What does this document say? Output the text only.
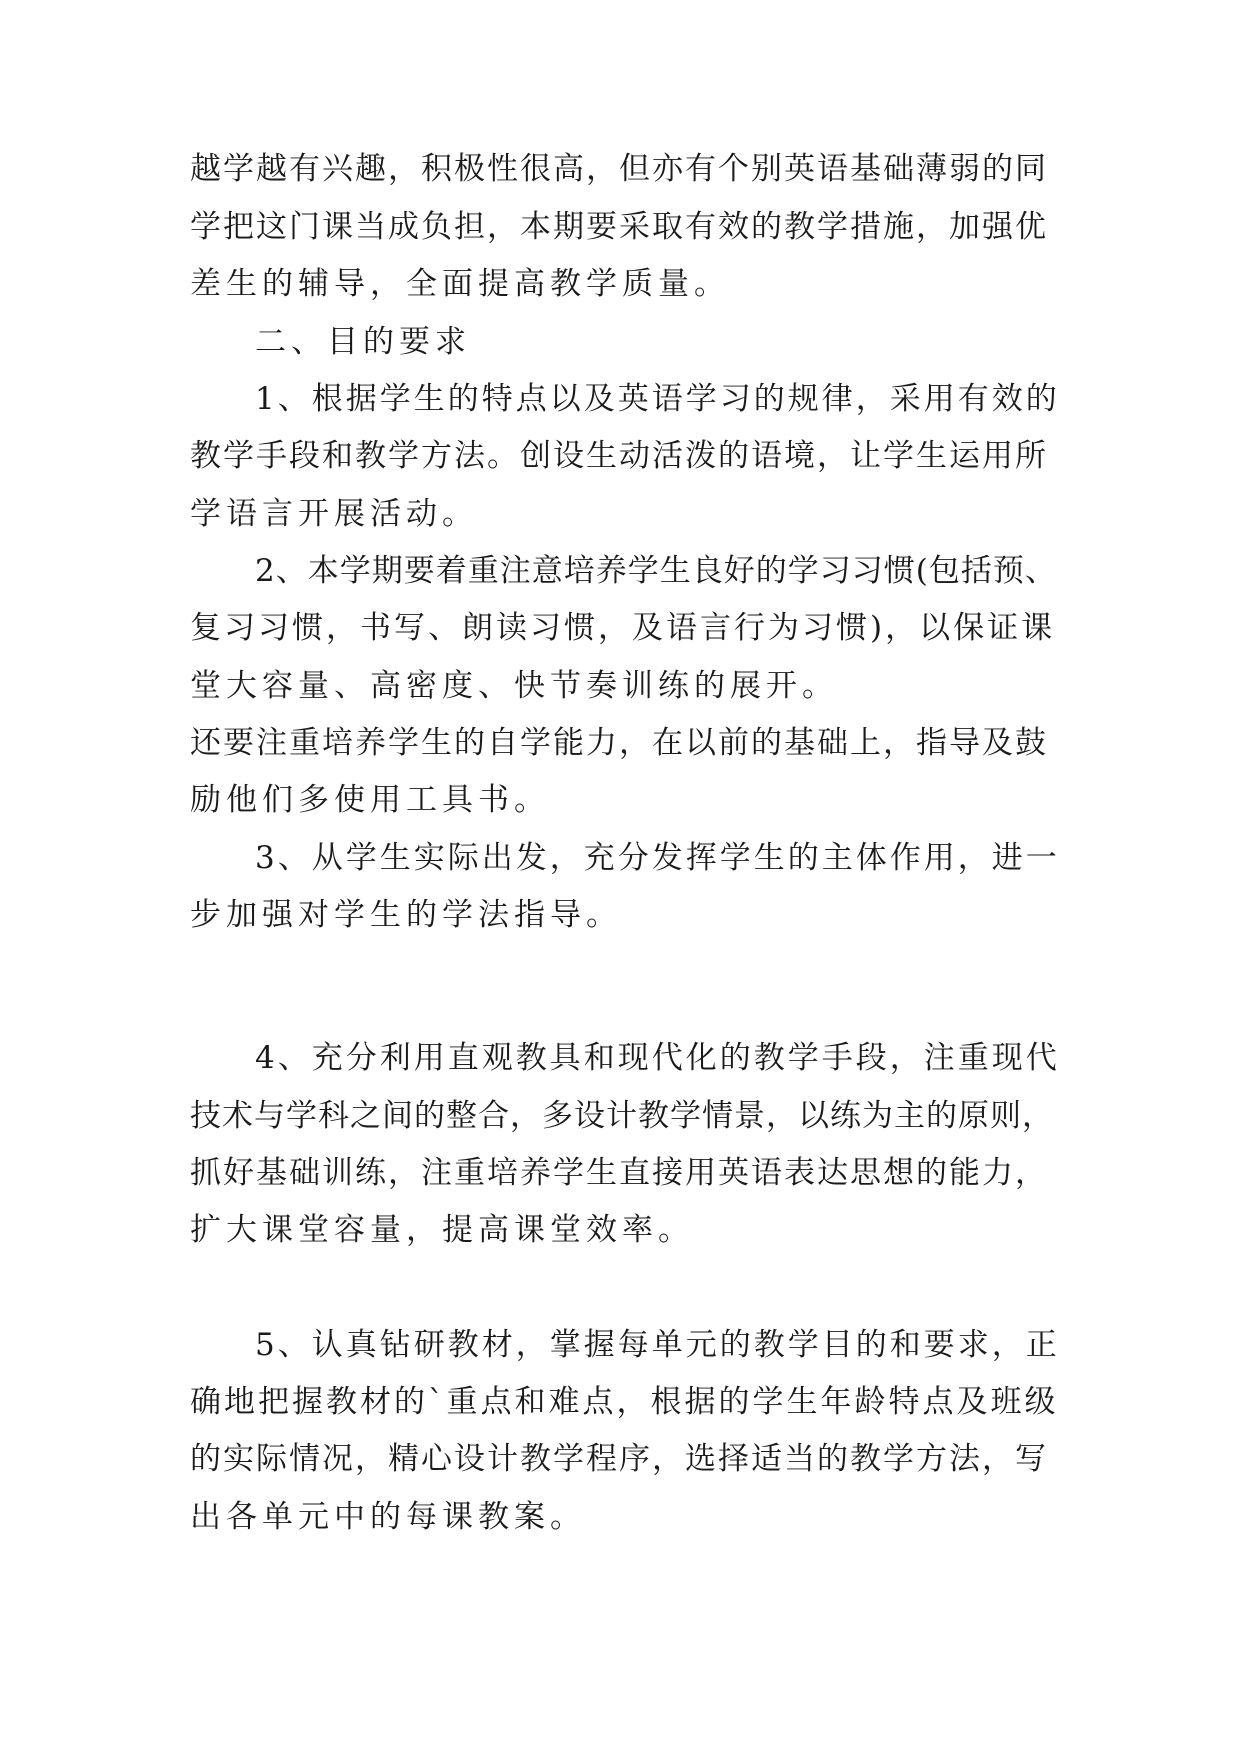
越学越有兴趣，积极性很高，但亦有个别英语基础薄弱的同
学把这门课当成负担，本期要采取有效的教学措施，加强优
差生的辅导，全面提高教学质量。
二、目的要求
1、根据学生的特点以及英语学习的规律，采用有效的
教学手段和教学方法。创设生动活泼的语境，让学生运用所
学语言开展活动。
2、本学期要着重注意培养学生良好的学习习惯(包括预、
复习习惯，书写、朗读习惯，及语言行为习惯)，以保证课
堂大容量、高密度、快节奏训练的展开。
还要注重培养学生的自学能力，在以前的基础上，指导及鼓
励他们多使用工具书。
3、从学生实际出发，充分发挥学生的主体作用，进一
步加强对学生的学法指导。
4、充分利用直观教具和现代化的教学手段，注重现代
技术与学科之间的整合，多设计教学情景，以练为主的原则，
抓好基础训练，注重培养学生直接用英语表达思想的能力，
扩大课堂容量，提高课堂效率。
5、认真钻研教材，掌握每单元的教学目的和要求，正
确地把握教材的`重点和难点，根据的学生年龄特点及班级
的实际情况，精心设计教学程序，选择适当的教学方法，写
出各单元中的每课教案。
